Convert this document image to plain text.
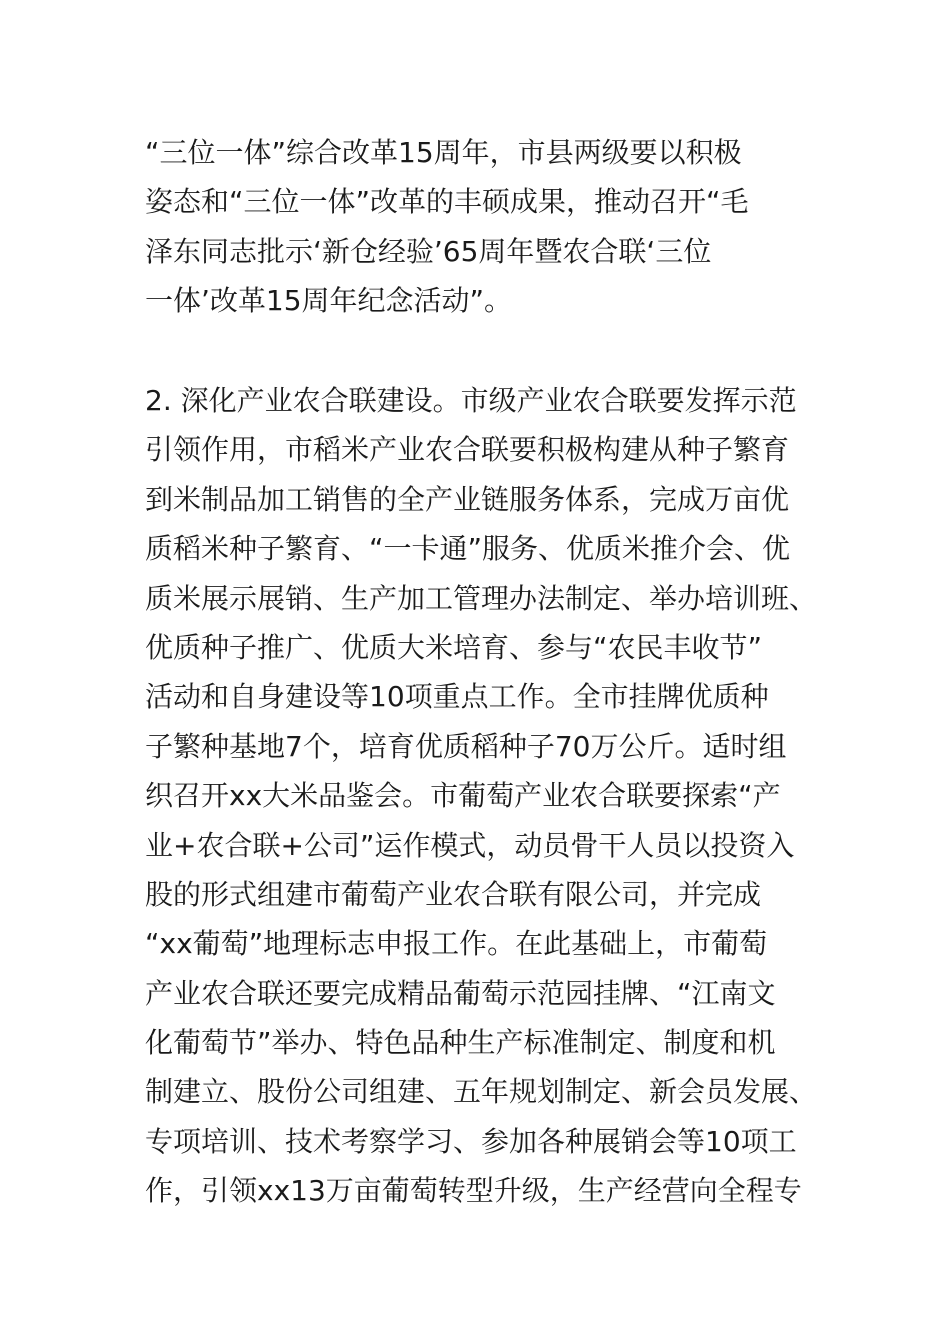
“三位一体”综合改革15周年，市县两级要以积极
姿态和“三位一体”改革的丰硕成果，推动召开“毛
泽东同志批示‘新仓经验’65周年暨农合联‘三位
一体’改革15周年纪念活动”。
2. 深化产业农合联建设。市级产业农合联要发挥示范
引领作用，市稻米产业农合联要积极构建从种子繁育
到米制品加工销售的全产业链服务体系，完成万亩优
质稻米种子繁育、“一卡通”服务、优质米推介会、优
质米展示展销、生产加工管理办法制定、举办培训班、
优质种子推广、优质大米培育、参与“农民丰收节”
活动和自身建设等10项重点工作。全市挂牌优质种
子繁种基地7个，培育优质稻种子70万公斤。适时组
织召开xx大米品鉴会。市葡萄产业农合联要探索“产
业+农合联+公司”运作模式，动员骨干人员以投资入
股的形式组建市葡萄产业农合联有限公司，并完成
“xx葡萄”地理标志申报工作。在此基础上，市葡萄
产业农合联还要完成精品葡萄示范园挂牌、“江南文
化葡萄节”举办、特色品种生产标准制定、制度和机
制建立、股份公司组建、五年规划制定、新会员发展、
专项培训、技术考察学习、参加各种展销会等10项工
作，引领xx13万亩葡萄转型升级，生产经营向全程专
